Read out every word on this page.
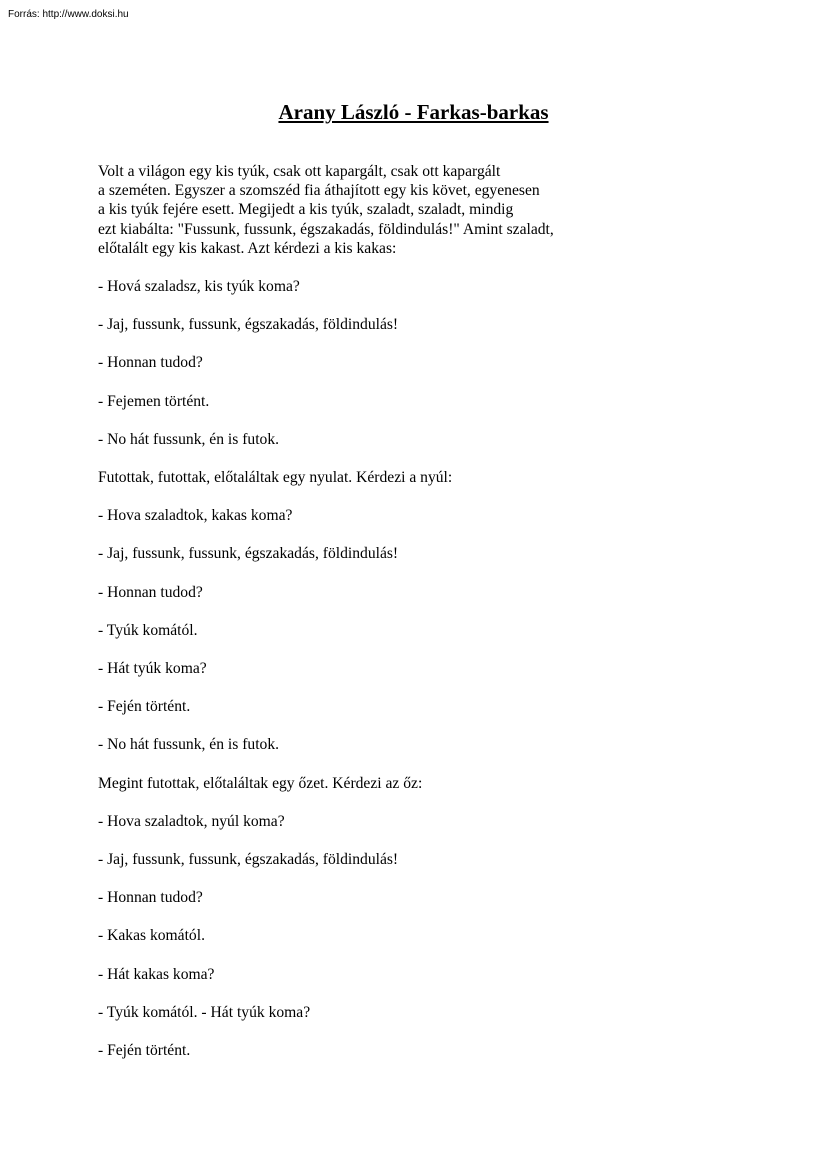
Forrás: http://www.doksi.hu
Arany László - Farkas-barkas
Volt a világon egy kis tyúk, csak ott kapargált, csak ott kapargált
a szeméten. Egyszer a szomszéd fia áthajított egy kis követ, egyenesen
a kis tyúk fejére esett. Megijedt a kis tyúk, szaladt, szaladt, mindig
ezt kiabálta: "Fussunk, fussunk, égszakadás, földindulás!" Amint szaladt,
előtalált egy kis kakast. Azt kérdezi a kis kakas:

- Hová szaladsz, kis tyúk koma?

- Jaj, fussunk, fussunk, égszakadás, földindulás!

- Honnan tudod?

- Fejemen történt.

- No hát fussunk, én is futok.

Futottak, futottak, előtaláltak egy nyulat. Kérdezi a nyúl:

- Hova szaladtok, kakas koma?

- Jaj, fussunk, fussunk, égszakadás, földindulás!

- Honnan tudod?

- Tyúk komától.

- Hát tyúk koma?

- Fején történt.

- No hát fussunk, én is futok.

Megint futottak, előtaláltak egy őzet. Kérdezi az őz:

- Hova szaladtok, nyúl koma?

- Jaj, fussunk, fussunk, égszakadás, földindulás!

- Honnan tudod?

- Kakas komától.

- Hát kakas koma?

- Tyúk komától. - Hát tyúk koma?

- Fején történt.
